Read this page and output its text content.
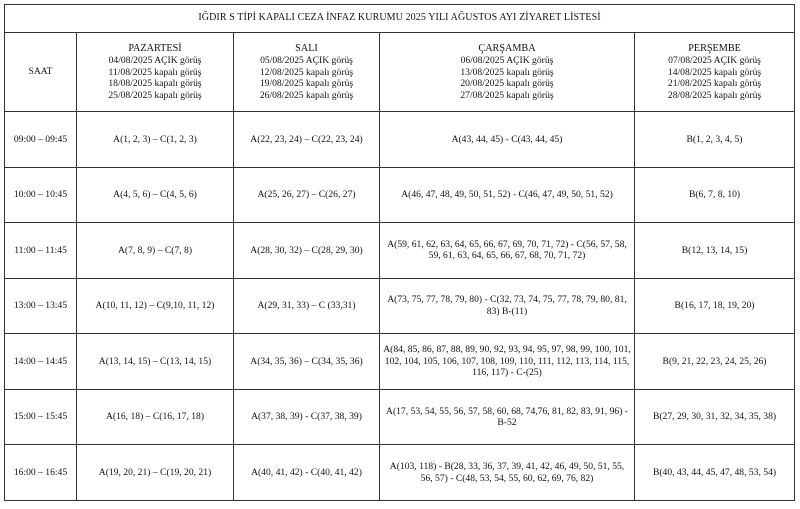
IĞDIR S TİPİ KAPALI CEZA İNFAZ KURUMU 2025 YILI AĞUSTOS AYI ZİYARET LİSTESİ				
SAAT	PAZARTESİ
04/08/2025 AÇIK görüş
11/08/2025 kapalı görüş
18/08/2025 kapalı görüş
25/08/2025 kapalı görüş	SALI
05/08/2025 AÇIK görüş
12/08/2025 kapalı görüş
19/08/2025 kapalı görüş
26/08/2025 kapalı görüş	ÇARŞAMBA
06/08/2025 AÇIK görüş
13/08/2025 kapalı görüş
20/08/2025 kapalı görüş
27/08/2025 kapalı görüş	PERŞEMBE
07/08/2025 AÇIK görüş
14/08/2025 kapalı görüş
21/08/2025 kapalı görüş
28/08/2025 kapalı görüş

09:00 – 09:45	A(1, 2, 3) – C(1, 2, 3)	A(22, 23, 24) – C(22, 23, 24)	A(43, 44, 45) - C(43, 44, 45)	B(1, 2, 3, 4, 5)
10:00 – 10:45	A(4, 5, 6) – C(4, 5, 6)	A(25, 26, 27) – C(26, 27)	A(46, 47, 48, 49, 50, 51, 52) - C(46, 47, 49, 50, 51, 52)	B(6, 7, 8, 10)
11:00 – 11:45	A(7, 8, 9) – C(7, 8)	A(28, 30, 32) – C(28, 29, 30)	A(59, 61, 62, 63, 64, 65, 66, 67, 69, 70, 71, 72) - C(56, 57, 58, 59, 61, 63, 64, 65, 66, 67, 68, 70, 71, 72)	B(12, 13, 14, 15)
13:00 – 13:45	A(10, 11, 12) – C(9,10, 11, 12)	A(29, 31, 33) – C (33,31)	A(73, 75, 77, 78, 79, 80) - C(32, 73, 74, 75, 77, 78, 79, 80, 81, 83) B-(11)	B(16, 17, 18, 19, 20)
14:00 – 14:45	A(13, 14, 15) – C(13, 14, 15)	A(34, 35, 36) – C(34, 35, 36)	A(84, 85, 86, 87, 88, 89, 90, 92, 93, 94, 95, 97, 98, 99, 100, 101, 102, 104, 105, 106, 107, 108, 109, 110, 111, 112, 113, 114, 115, 116, 117) - C-(25)	B(9, 21, 22, 23, 24, 25, 26)
15:00 – 15:45	A(16, 18) – C(16, 17, 18)	A(37, 38, 39) - C(37, 38, 39)	A(17, 53, 54, 55, 56, 57, 58, 60, 68, 74,76, 81, 82, 83, 91, 96) - B-52	B(27, 29, 30, 31, 32, 34, 35, 38)
16:00 – 16:45	A(19, 20, 21) – C(19, 20, 21)	A(40, 41, 42) - C(40, 41, 42)	A(103, 118) - B(28, 33, 36, 37, 39, 41, 42, 46, 49, 50, 51, 55, 56, 57) - C(48, 53, 54, 55, 60, 62, 69, 76, 82)	B(40, 43, 44, 45, 47, 48, 53, 54)
